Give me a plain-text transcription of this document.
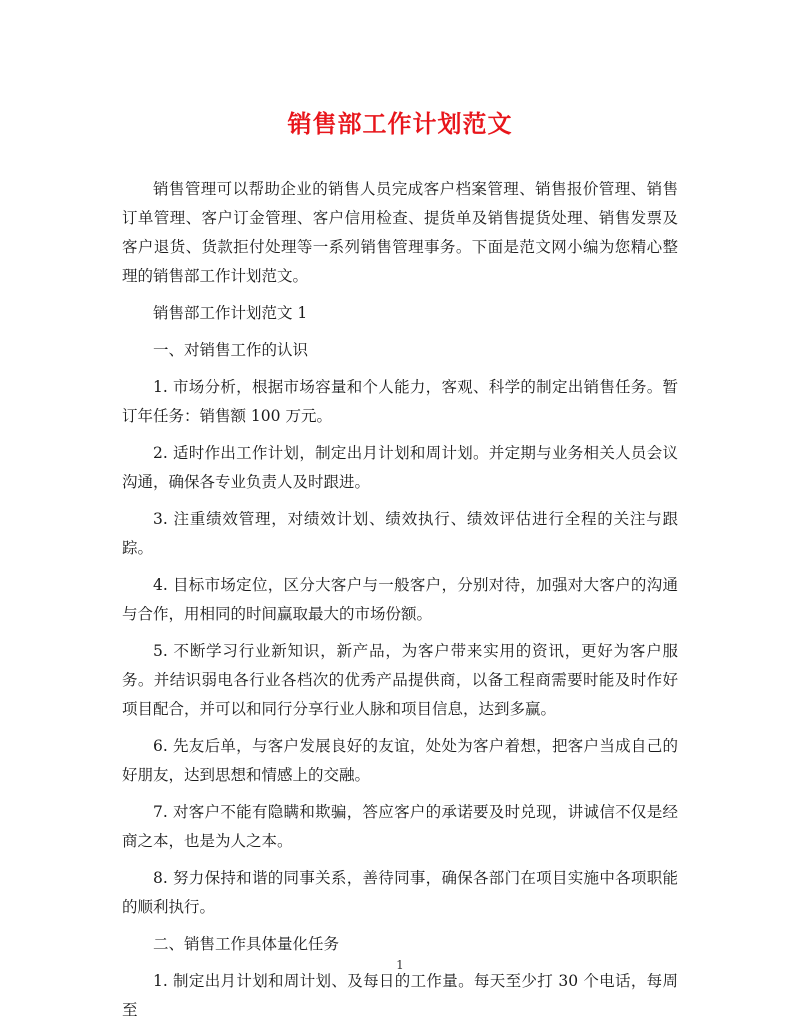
销售部工作计划范文

销售管理可以帮助企业的销售人员完成客户档案管理、销售报价管理、销售订单管理、客户订金管理、客户信用检查、提货单及销售提货处理、销售发票及客户退货、货款拒付处理等一系列销售管理事务。下面是范文网小编为您精心整理的销售部工作计划范文。

销售部工作计划范文 1

一、对销售工作的认识

1. 市场分析，根据市场容量和个人能力，客观、科学的制定出销售任务。暂订年任务：销售额 100 万元。

2. 适时作出工作计划，制定出月计划和周计划。并定期与业务相关人员会议沟通，确保各专业负责人及时跟进。

3. 注重绩效管理，对绩效计划、绩效执行、绩效评估进行全程的关注与跟踪。

4. 目标市场定位，区分大客户与一般客户，分别对待，加强对大客户的沟通与合作，用相同的时间赢取最大的市场份额。

5. 不断学习行业新知识，新产品，为客户带来实用的资讯，更好为客户服务。并结识弱电各行业各档次的优秀产品提供商，以备工程商需要时能及时作好项目配合，并可以和同行分享行业人脉和项目信息，达到多赢。

6. 先友后单，与客户发展良好的友谊，处处为客户着想，把客户当成自己的好朋友，达到思想和情感上的交融。

7. 对客户不能有隐瞒和欺骗，答应客户的承诺要及时兑现，讲诚信不仅是经商之本，也是为人之本。

8. 努力保持和谐的同事关系，善待同事，确保各部门在项目实施中各项职能的顺利执行。

二、销售工作具体量化任务

1. 制定出月计划和周计划、及每日的工作量。每天至少打 30 个电话，每周至

1
